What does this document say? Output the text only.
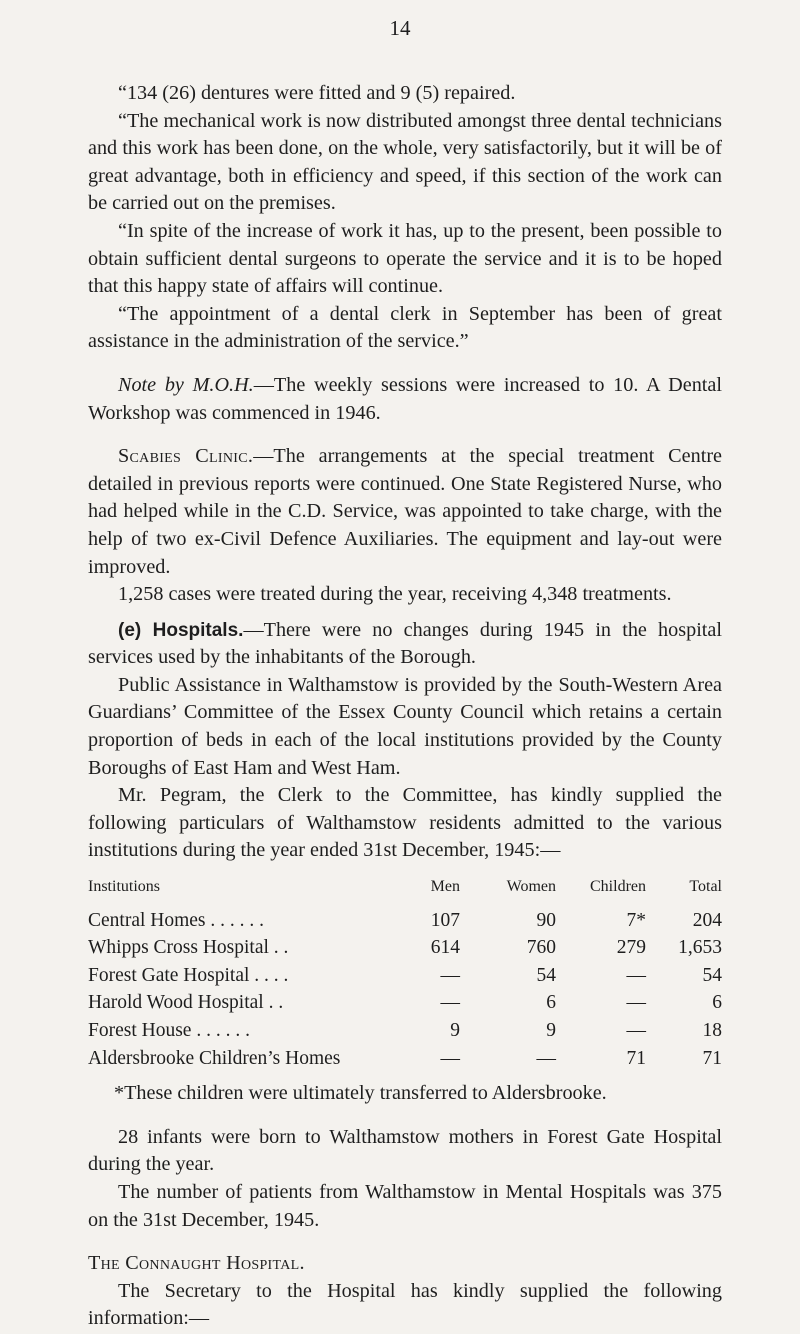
14

“134 (26) dentures were fitted and 9 (5) repaired.

“The mechanical work is now distributed amongst three dental technicians and this work has been done, on the whole, very satisfactorily, but it will be of great advantage, both in efficiency and speed, if this section of the work can be carried out on the premises.

“In spite of the increase of work it has, up to the present, been possible to obtain sufficient dental surgeons to operate the service and it is to be hoped that this happy state of affairs will continue.

“The appointment of a dental clerk in September has been of great assistance in the administration of the service.”

Note by M.O.H.—The weekly sessions were increased to 10. A Dental Workshop was commenced in 1946.

Scabies Clinic.—The arrangements at the special treatment Centre detailed in previous reports were continued. One State Registered Nurse, who had helped while in the C.D. Service, was appointed to take charge, with the help of two ex-Civil Defence Auxiliaries. The equipment and lay-out were improved.

1,258 cases were treated during the year, receiving 4,348 treatments.

(e) Hospitals.—There were no changes during 1945 in the hospital services used by the inhabitants of the Borough.

Public Assistance in Walthamstow is provided by the South-Western Area Guardians’ Committee of the Essex County Council which retains a certain proportion of beds in each of the local institutions provided by the County Boroughs of East Ham and West Ham.

Mr. Pegram, the Clerk to the Committee, has kindly supplied the following particulars of Walthamstow residents admitted to the various institutions during the year ended 31st December, 1945:—

Institutions	Men	Women	Children	Total
Central Homes . . . . . .	107	90	7*	204
Whipps Cross Hospital . .	614	760	279	1,653
Forest Gate Hospital . . . .	—	54	—	54
Harold Wood Hospital . .	—	6	—	6
Forest House . . . . . .	9	9	—	18
Aldersbrooke Children’s Homes	—	—	71	71

*These children were ultimately transferred to Aldersbrooke.

28 infants were born to Walthamstow mothers in Forest Gate Hospital during the year.

The number of patients from Walthamstow in Mental Hospitals was 375 on the 31st December, 1945.

The Connaught Hospital.

The Secretary to the Hospital has kindly supplied the following information:—
